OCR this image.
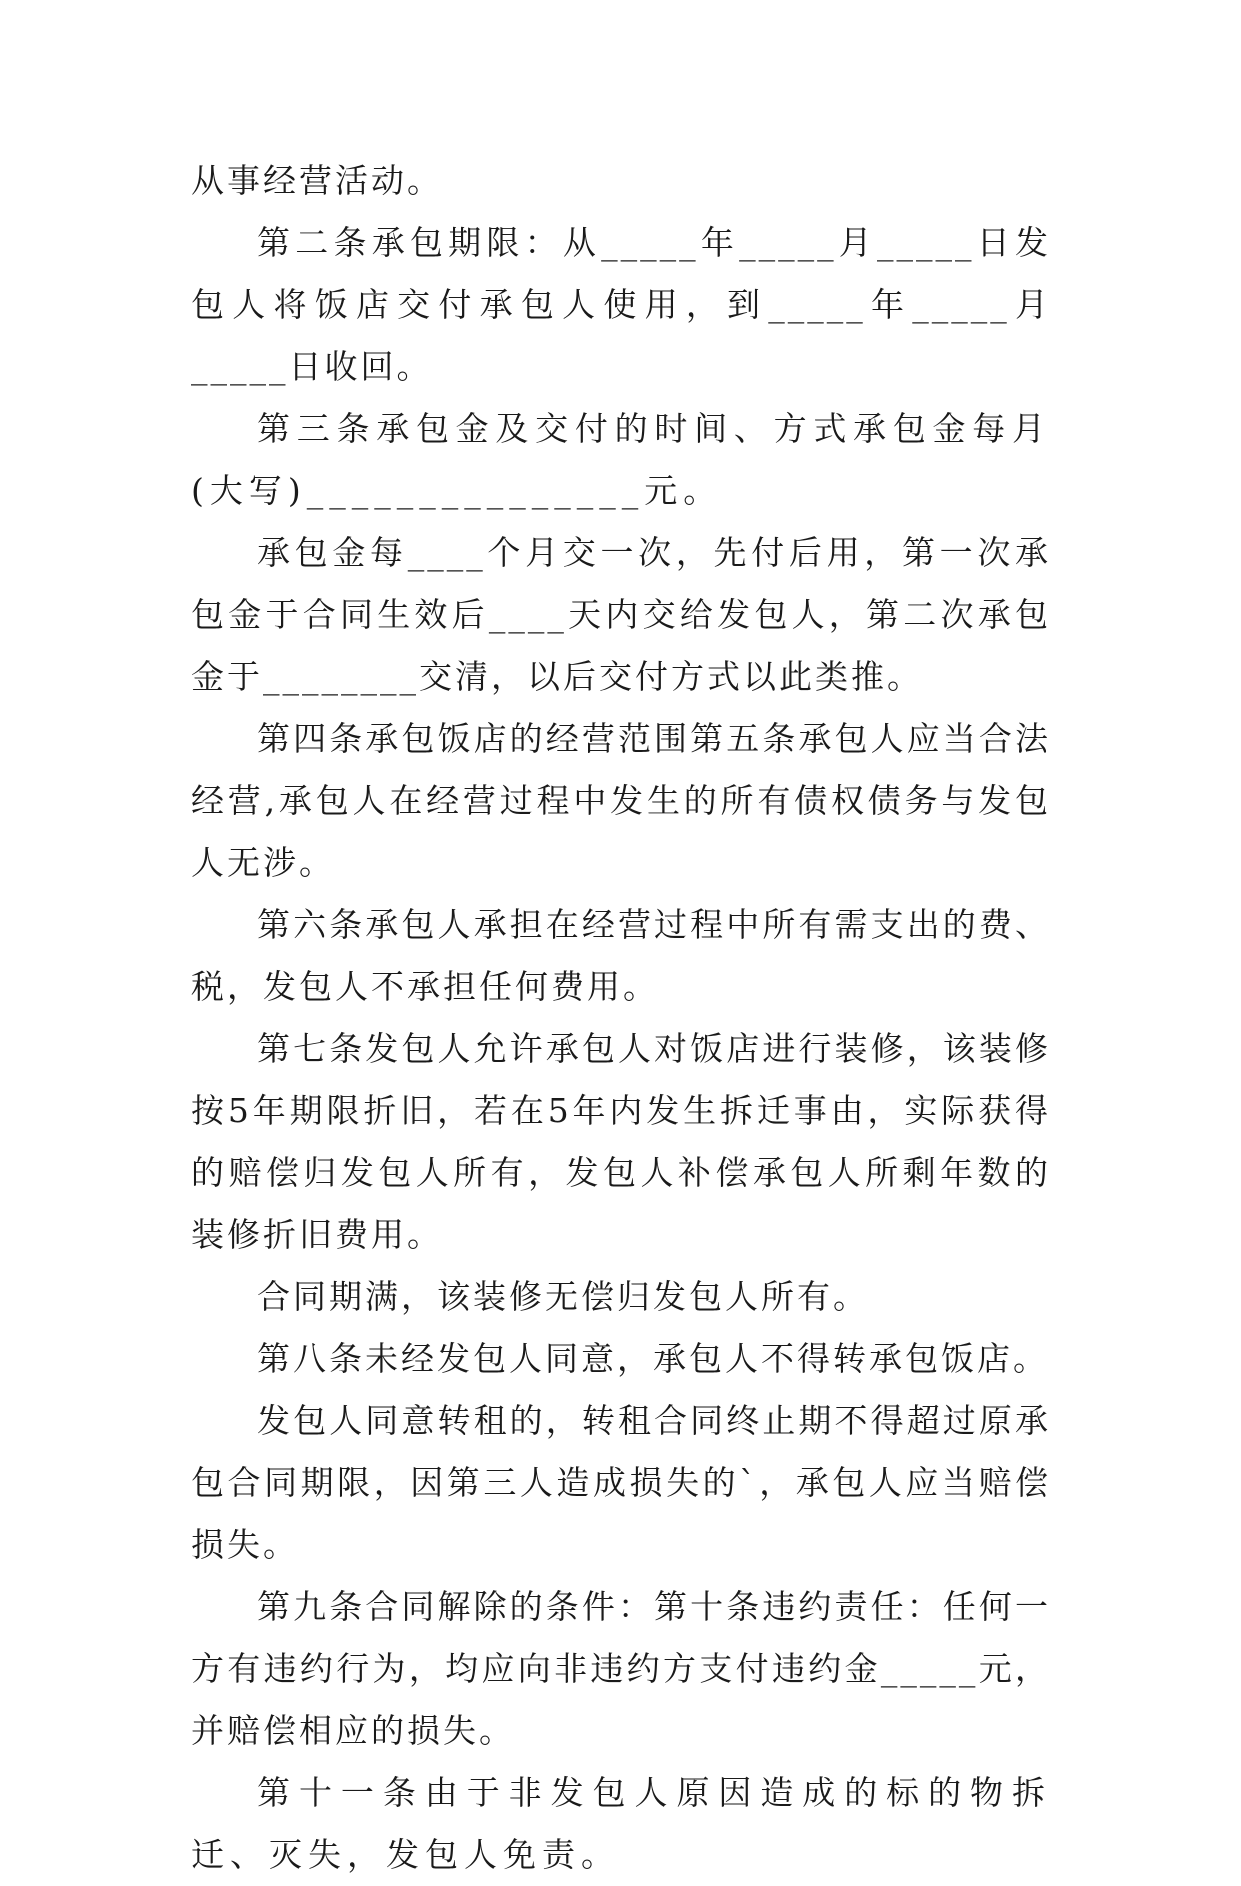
从事经营活动。

第二条承包期限：从_____年_____月_____日发包人将饭店交付承包人使用，到_____年_____月_____日收回。

第三条承包金及交付的时间、方式承包金每月(大写)_______________元。

承包金每____个月交一次，先付后用，第一次承包金于合同生效后____天内交给发包人，第二次承包金于________交清，以后交付方式以此类推。

第四条承包饭店的经营范围第五条承包人应当合法经营,承包人在经营过程中发生的所有债权债务与发包人无涉。

第六条承包人承担在经营过程中所有需支出的费、税，发包人不承担任何费用。

第七条发包人允许承包人对饭店进行装修，该装修按5年期限折旧，若在5年内发生拆迁事由，实际获得的赔偿归发包人所有，发包人补偿承包人所剩年数的装修折旧费用。

合同期满，该装修无偿归发包人所有。

第八条未经发包人同意，承包人不得转承包饭店。

发包人同意转租的，转租合同终止期不得超过原承包合同期限，因第三人造成损失的`，承包人应当赔偿损失。

第九条合同解除的条件：第十条违约责任：任何一方有违约行为，均应向非违约方支付违约金_____元，并赔偿相应的损失。

第十一条由于非发包人原因造成的标的物拆迁、灭失，发包人免责。
